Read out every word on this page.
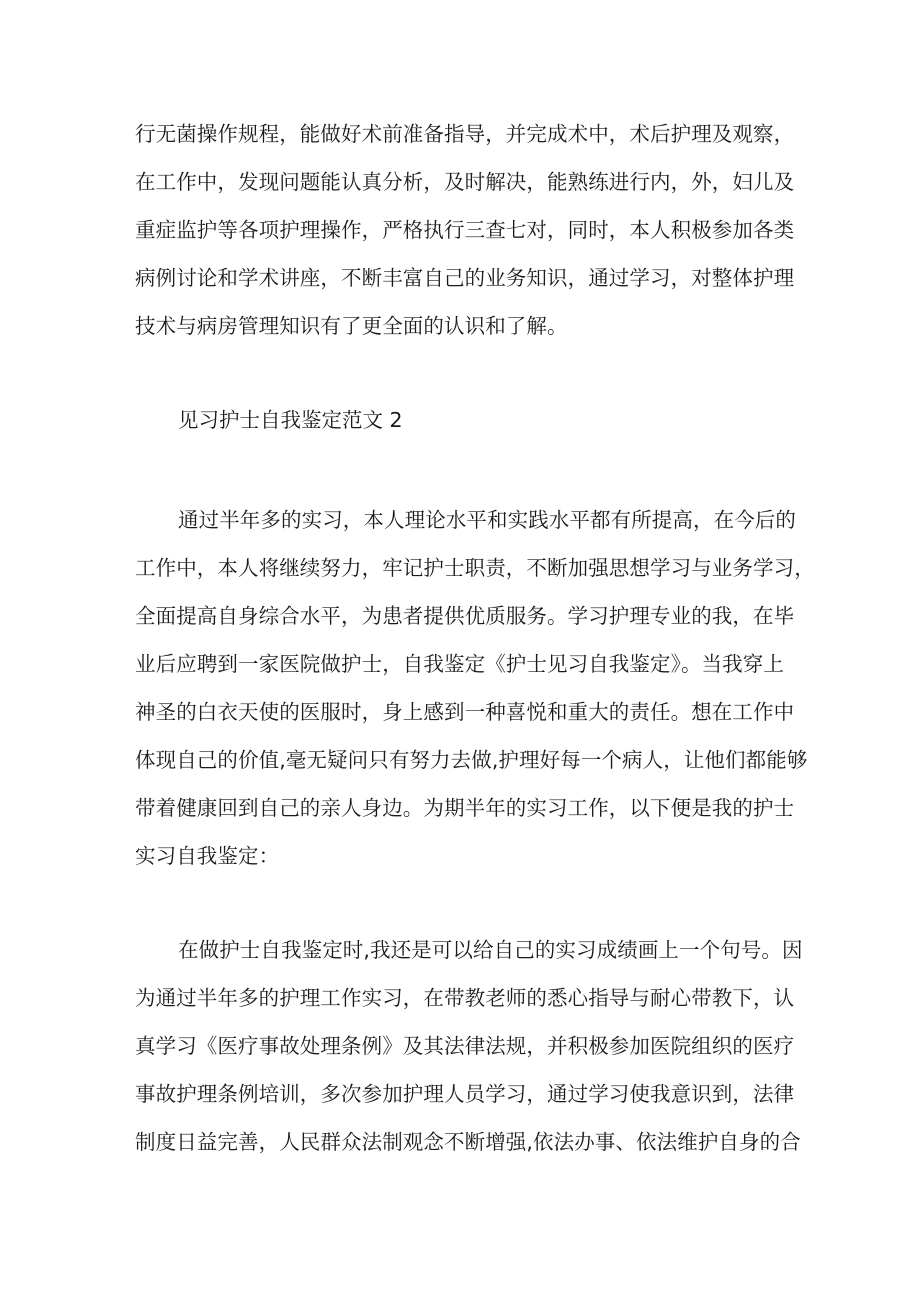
行无菌操作规程，能做好术前准备指导，并完成术中，术后护理及观察，
在工作中，发现问题能认真分析，及时解决，能熟练进行内，外，妇儿及
重症监护等各项护理操作，严格执行三查七对，同时，本人积极参加各类
病例讨论和学术讲座，不断丰富自己的业务知识，通过学习，对整体护理
技术与病房管理知识有了更全面的认识和了解。
见习护士自我鉴定范文 2
通过半年多的实习，本人理论水平和实践水平都有所提高，在今后的
工作中，本人将继续努力，牢记护士职责，不断加强思想学习与业务学习，
全面提高自身综合水平，为患者提供优质服务。学习护理专业的我，在毕
业后应聘到一家医院做护士，自我鉴定《护士见习自我鉴定》。当我穿上
神圣的白衣天使的医服时，身上感到一种喜悦和重大的责任。想在工作中
体现自己的价值,毫无疑问只有努力去做,护理好每一个病人，让他们都能够
带着健康回到自己的亲人身边。为期半年的实习工作，以下便是我的护士
实习自我鉴定：
在做护士自我鉴定时,我还是可以给自己的实习成绩画上一个句号。因
为通过半年多的护理工作实习，在带教老师的悉心指导与耐心带教下，认
真学习《医疗事故处理条例》及其法律法规，并积极参加医院组织的医疗
事故护理条例培训，多次参加护理人员学习，通过学习使我意识到，法律
制度日益完善，人民群众法制观念不断增强,依法办事、依法维护自身的合
